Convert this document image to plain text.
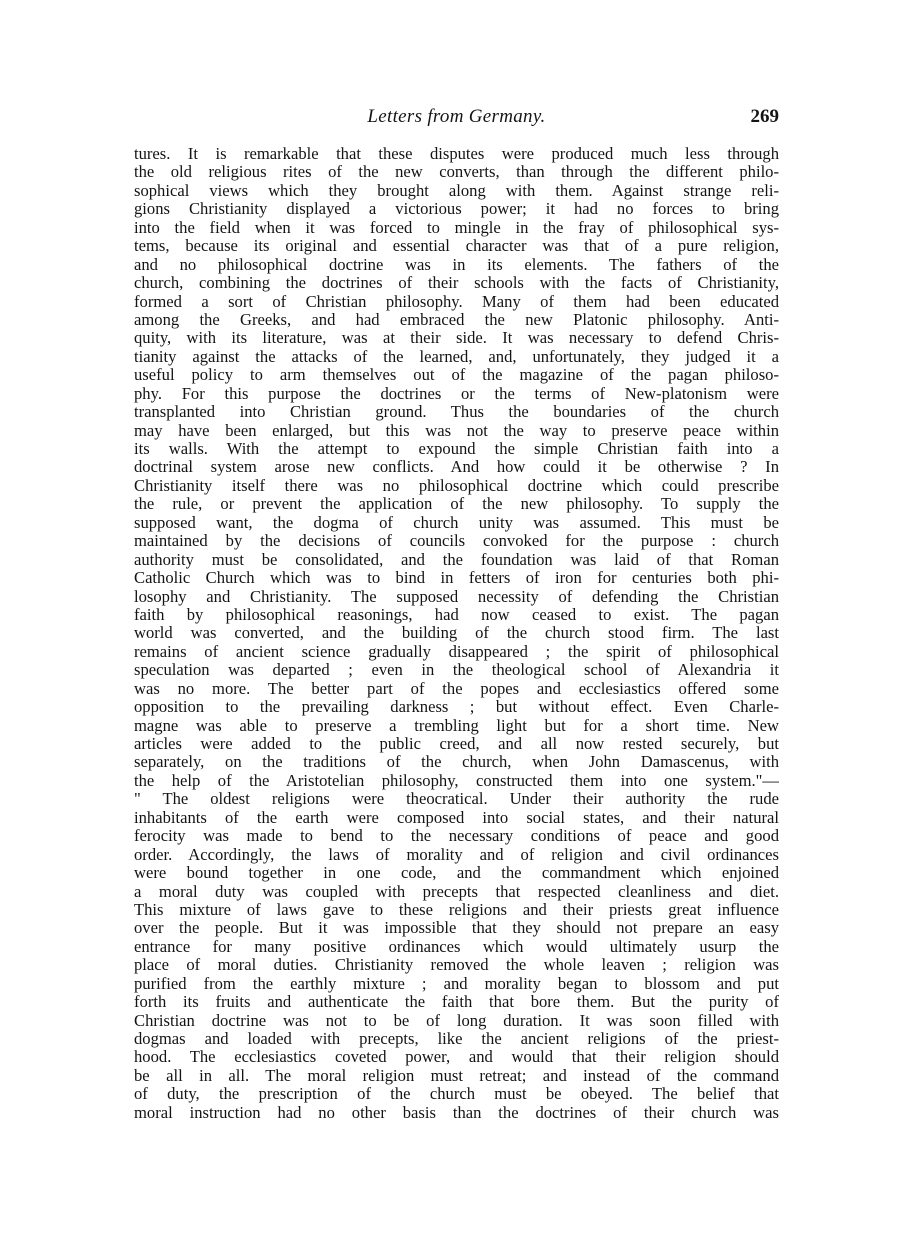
Letters from Germany.	269
tures. It is remarkable that these disputes were produced much less through
the old religious rites of the new converts, than through the different philo-
sophical views which they brought along with them. Against strange reli-
gions Christianity displayed a victorious power; it had no forces to bring
into the field when it was forced to mingle in the fray of philosophical sys-
tems, because its original and essential character was that of a pure religion,
and no philosophical doctrine was in its elements. The fathers of the
church, combining the doctrines of their schools with the facts of Christianity,
formed a sort of Christian philosophy. Many of them had been educated
among the Greeks, and had embraced the new Platonic philosophy. Anti-
quity, with its literature, was at their side. It was necessary to defend Chris-
tianity against the attacks of the learned, and, unfortunately, they judged it a
useful policy to arm themselves out of the magazine of the pagan philoso-
phy. For this purpose the doctrines or the terms of New-platonism were
transplanted into Christian ground. Thus the boundaries of the church
may have been enlarged, but this was not the way to preserve peace within
its walls. With the attempt to expound the simple Christian faith into a
doctrinal system arose new conflicts. And how could it be otherwise ? In
Christianity itself there was no philosophical doctrine which could prescribe
the rule, or prevent the application of the new philosophy. To supply the
supposed want, the dogma of church unity was assumed. This must be
maintained by the decisions of councils convoked for the purpose : church
authority must be consolidated, and the foundation was laid of that Roman
Catholic Church which was to bind in fetters of iron for centuries both phi-
losophy and Christianity. The supposed necessity of defending the Christian
faith by philosophical reasonings, had now ceased to exist. The pagan
world was converted, and the building of the church stood firm. The last
remains of ancient science gradually disappeared ; the spirit of philosophical
speculation was departed ; even in the theological school of Alexandria it
was no more. The better part of the popes and ecclesiastics offered some
opposition to the prevailing darkness ; but without effect. Even Charle-
magne was able to preserve a trembling light but for a short time. New
articles were added to the public creed, and all now rested securely, but
separately, on the traditions of the church, when John Damascenus, with
the help of the Aristotelian philosophy, constructed them into one system."—
" The oldest religions were theocratical. Under their authority the rude
inhabitants of the earth were composed into social states, and their natural
ferocity was made to bend to the necessary conditions of peace and good
order. Accordingly, the laws of morality and of religion and civil ordinances
were bound together in one code, and the commandment which enjoined
a moral duty was coupled with precepts that respected cleanliness and diet.
This mixture of laws gave to these religions and their priests great influence
over the people. But it was impossible that they should not prepare an easy
entrance for many positive ordinances which would ultimately usurp the
place of moral duties. Christianity removed the whole leaven ; religion was
purified from the earthly mixture ; and morality began to blossom and put
forth its fruits and authenticate the faith that bore them. But the purity of
Christian doctrine was not to be of long duration. It was soon filled with
dogmas and loaded with precepts, like the ancient religions of the priest-
hood. The ecclesiastics coveted power, and would that their religion should
be all in all. The moral religion must retreat; and instead of the command
of duty, the prescription of the church must be obeyed. The belief that
moral instruction had no other basis than the doctrines of their church was
